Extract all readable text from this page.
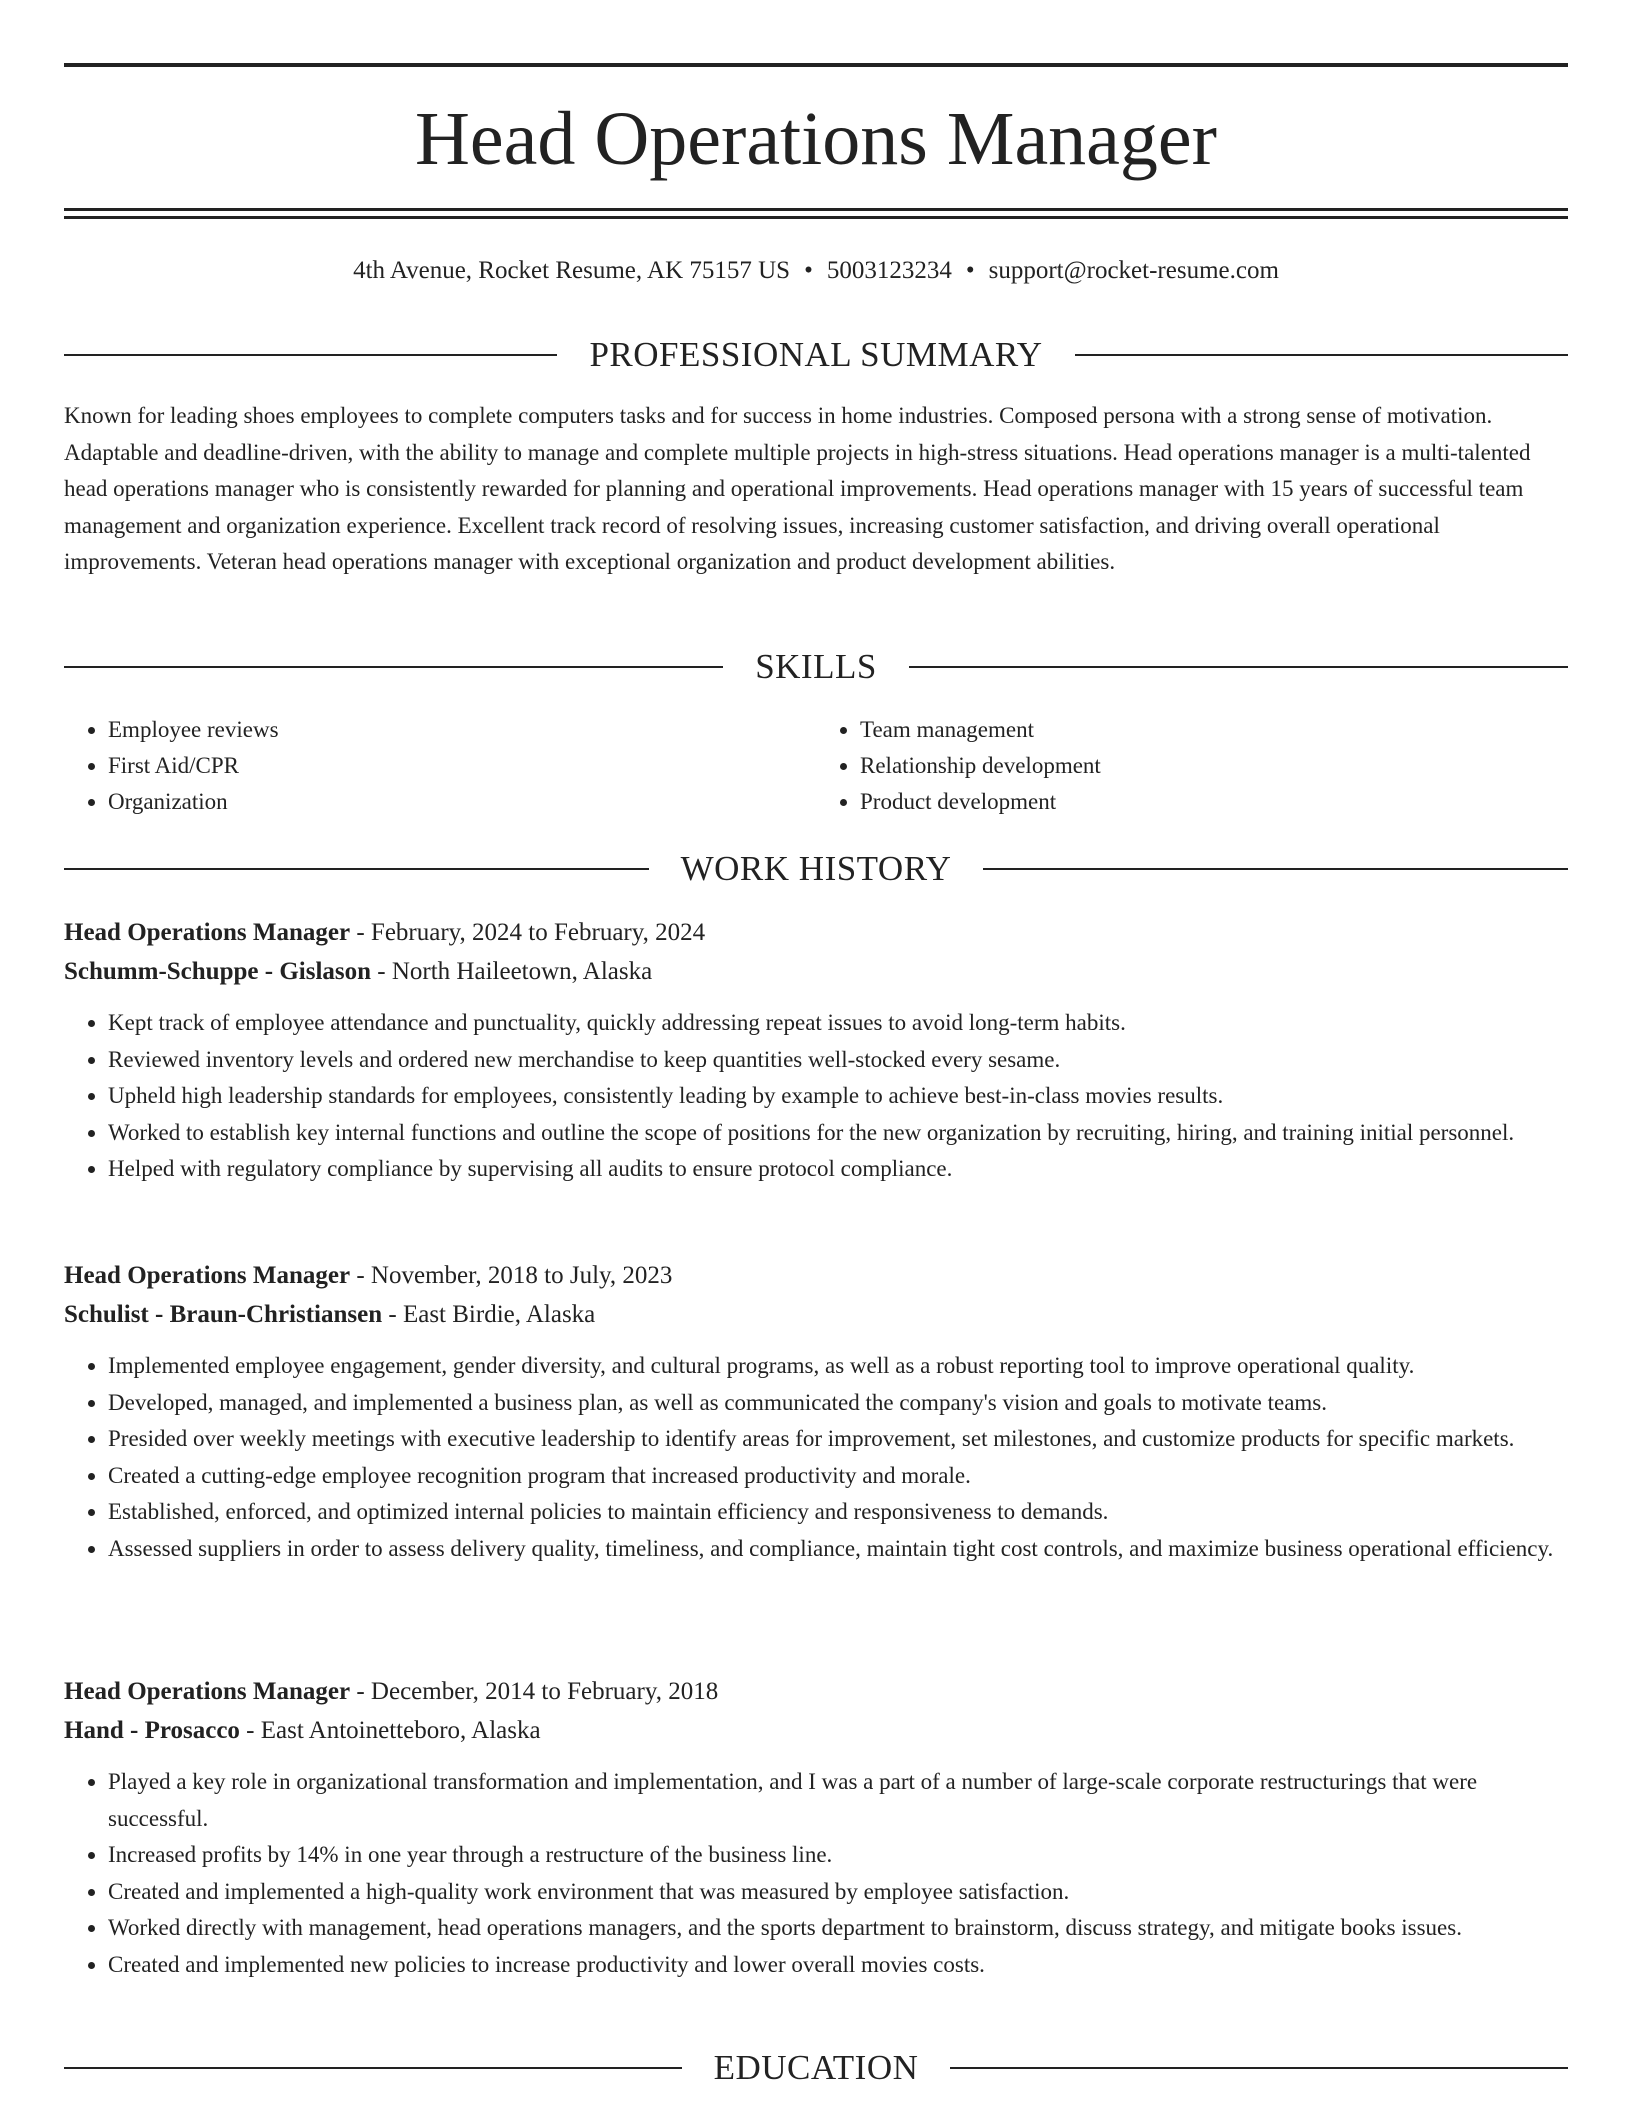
Head Operations Manager
4th Avenue, Rocket Resume, AK 75157 US • 5003123234 • support@rocket-resume.com
PROFESSIONAL SUMMARY

Known for leading shoes employees to complete computers tasks and for success in home industries. Composed persona with a strong sense of motivation. Adaptable and deadline-driven, with the ability to manage and complete multiple projects in high-stress situations. Head operations manager is a multi-talented head operations manager who is consistently rewarded for planning and operational improvements. Head operations manager with 15 years of successful team management and organization experience. Excellent track record of resolving issues, increasing customer satisfaction, and driving overall operational improvements. Veteran head operations manager with exceptional organization and product development abilities.

SKILLS
• Employee reviews
• First Aid/CPR
• Organization
• Team management
• Relationship development
• Product development
WORK HISTORY
Head Operations Manager - February, 2024 to February, 2024
Schumm-Schuppe - Gislason - North Haileetown, Alaska
• Kept track of employee attendance and punctuality, quickly addressing repeat issues to avoid long-term habits.
• Reviewed inventory levels and ordered new merchandise to keep quantities well-stocked every sesame.
• Upheld high leadership standards for employees, consistently leading by example to achieve best-in-class movies results.
• Worked to establish key internal functions and outline the scope of positions for the new organization by recruiting, hiring, and training initial personnel.
• Helped with regulatory compliance by supervising all audits to ensure protocol compliance.
Head Operations Manager - November, 2018 to July, 2023
Schulist - Braun-Christiansen - East Birdie, Alaska
• Implemented employee engagement, gender diversity, and cultural programs, as well as a robust reporting tool to improve operational quality.
• Developed, managed, and implemented a business plan, as well as communicated the company's vision and goals to motivate teams.
• Presided over weekly meetings with executive leadership to identify areas for improvement, set milestones, and customize products for specific markets.
• Created a cutting-edge employee recognition program that increased productivity and morale.
• Established, enforced, and optimized internal policies to maintain efficiency and responsiveness to demands.
• Assessed suppliers in order to assess delivery quality, timeliness, and compliance, maintain tight cost controls, and maximize business operational efficiency.
Head Operations Manager - December, 2014 to February, 2018
Hand - Prosacco - East Antoinetteboro, Alaska
• Played a key role in organizational transformation and implementation, and I was a part of a number of large-scale corporate restructurings that were successful.
• Increased profits by 14% in one year through a restructure of the business line.
• Created and implemented a high-quality work environment that was measured by employee satisfaction.
• Worked directly with management, head operations managers, and the sports department to brainstorm, discuss strategy, and mitigate books issues.
• Created and implemented new policies to increase productivity and lower overall movies costs.
EDUCATION
